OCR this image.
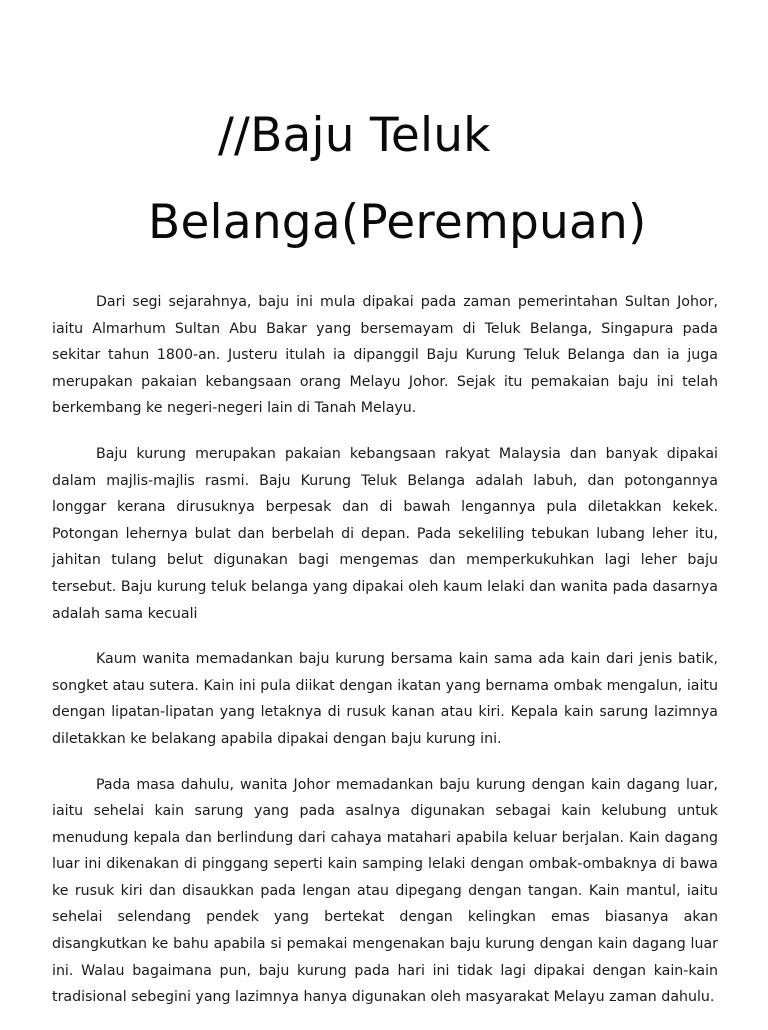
//Baju Teluk
Belanga(Perempuan)

Dari segi sejarahnya, baju ini mula dipakai pada zaman pemerintahan Sultan Johor, iaitu Almarhum Sultan Abu Bakar yang bersemayam di Teluk Belanga, Singapura pada sekitar tahun 1800-an. Justeru itulah ia dipanggil Baju Kurung Teluk Belanga dan ia juga merupakan pakaian kebangsaan orang Melayu Johor. Sejak itu pemakaian baju ini telah berkembang ke negeri-negeri lain di Tanah Melayu.

Baju kurung merupakan pakaian kebangsaan rakyat Malaysia dan banyak dipakai dalam majlis-majlis rasmi. Baju Kurung Teluk Belanga adalah labuh, dan potongannya longgar kerana dirusuknya berpesak dan di bawah lengannya pula diletakkan kekek. Potongan lehernya bulat dan berbelah di depan. Pada sekeliling tebukan lubang leher itu, jahitan tulang belut digunakan bagi mengemas dan memperkukuhkan lagi leher baju tersebut. Baju kurung teluk belanga yang dipakai oleh kaum lelaki dan wanita pada dasarnya adalah sama kecuali

Kaum wanita memadankan baju kurung bersama kain sama ada kain dari jenis batik, songket atau sutera. Kain ini pula diikat dengan ikatan yang bernama ombak mengalun, iaitu dengan lipatan-lipatan yang letaknya di rusuk kanan atau kiri. Kepala kain sarung lazimnya diletakkan ke belakang apabila dipakai dengan baju kurung ini.

Pada masa dahulu, wanita Johor memadankan baju kurung dengan kain dagang luar, iaitu sehelai kain sarung yang pada asalnya digunakan sebagai kain kelubung untuk menudung kepala dan berlindung dari cahaya matahari apabila keluar berjalan. Kain dagang luar ini dikenakan di pinggang seperti kain samping lelaki dengan ombak-ombaknya di bawa ke rusuk kiri dan disaukkan pada lengan atau dipegang dengan tangan. Kain mantul, iaitu sehelai selendang pendek yang bertekat dengan kelingkan emas biasanya akan disangkutkan ke bahu apabila si pemakai mengenakan baju kurung dengan kain dagang luar ini. Walau bagaimana pun, baju kurung pada hari ini tidak lagi dipakai dengan kain-kain tradisional sebegini yang lazimnya hanya digunakan oleh masyarakat Melayu zaman dahulu.
